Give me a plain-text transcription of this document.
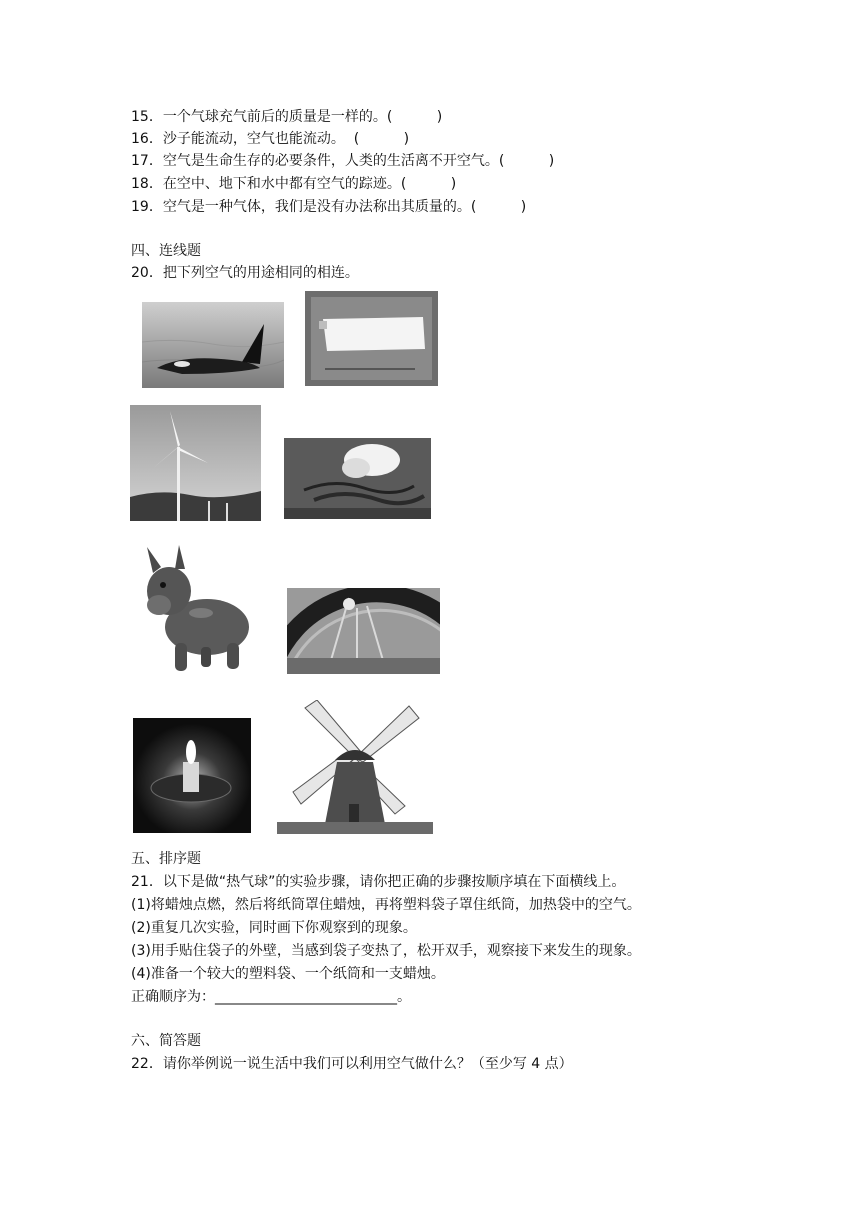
15．一个气球充气前后的质量是一样的。(          )
16．沙子能流动，空气也能流动。  (          )
17．空气是生命生存的必要条件，人类的生活离不开空气。(          )
18．在空中、地下和水中都有空气的踪迹。(          )
19．空气是一种气体，我们是没有办法称出其质量的。(          )
四、连线题
20．把下列空气的用途相同的相连。
五、排序题
21．以下是做“热气球”的实验步骤，请你把正确的步骤按顺序填在下面横线上。
(1)将蜡烛点燃，然后将纸筒罩住蜡烛，再将塑料袋子罩住纸筒，加热袋中的空气。
(2)重复几次实验，同时画下你观察到的现象。
(3)用手贴住袋子的外壁，当感到袋子变热了，松开双手，观察接下来发生的现象。
(4)准备一个较大的塑料袋、一个纸筒和一支蜡烛。
正确顺序为：__________________________。
六、简答题
22．请你举例说一说生活中我们可以利用空气做什么？（至少写 4 点）
